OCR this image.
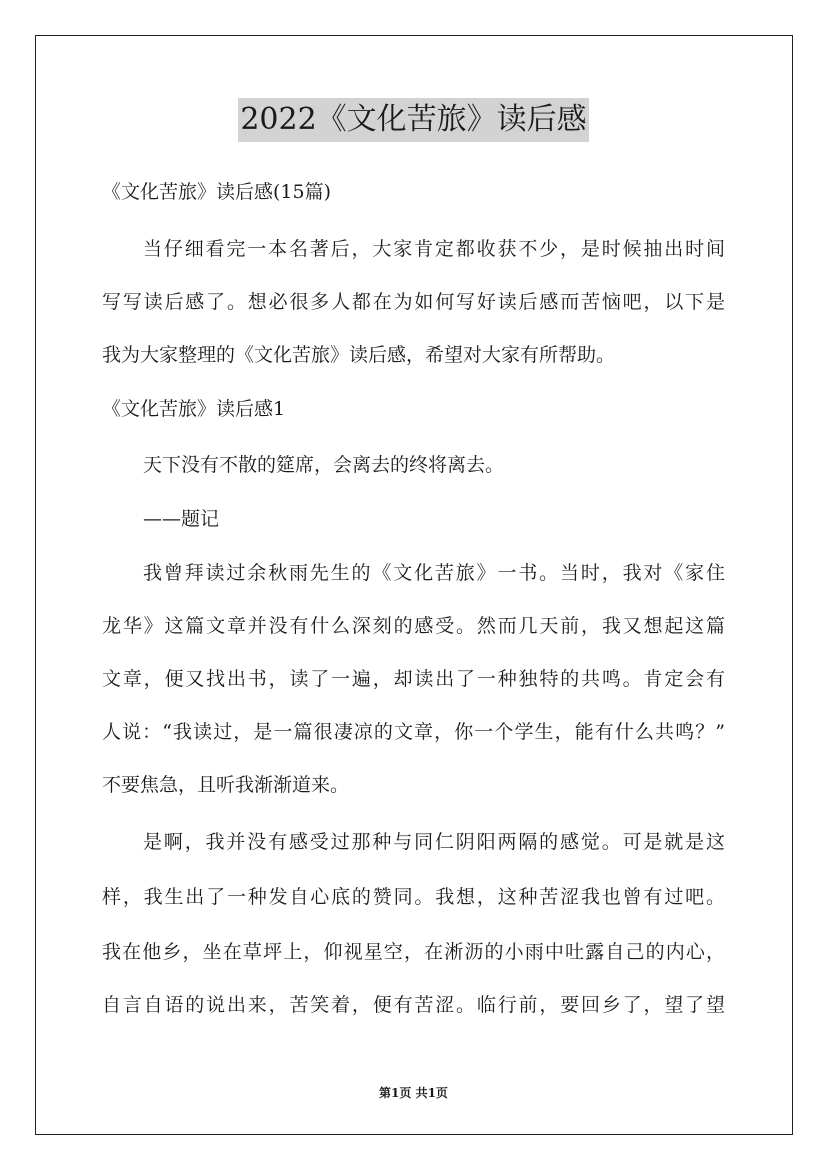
2022《文化苦旅》读后感
《文化苦旅》读后感(15篇)
当仔细看完一本名著后，大家肯定都收获不少，是时候抽出时间
写写读后感了。想必很多人都在为如何写好读后感而苦恼吧，以下是
我为大家整理的《文化苦旅》读后感，希望对大家有所帮助。
《文化苦旅》读后感1
天下没有不散的筵席，会离去的终将离去。
——题记
我曾拜读过余秋雨先生的《文化苦旅》一书。当时，我对《家住
龙华》这篇文章并没有什么深刻的感受。然而几天前，我又想起这篇
文章，便又找出书，读了一遍，却读出了一种独特的共鸣。肯定会有
人说：“我读过，是一篇很凄凉的文章，你一个学生，能有什么共鸣？”
不要焦急，且听我渐渐道来。
是啊，我并没有感受过那种与同仁阴阳两隔的感觉。可是就是这
样，我生出了一种发自心底的赞同。我想，这种苦涩我也曾有过吧。
我在他乡，坐在草坪上，仰视星空，在淅沥的小雨中吐露自己的内心，
自言自语的说出来，苦笑着，便有苦涩。临行前，要回乡了，望了望
第1页 共1页
